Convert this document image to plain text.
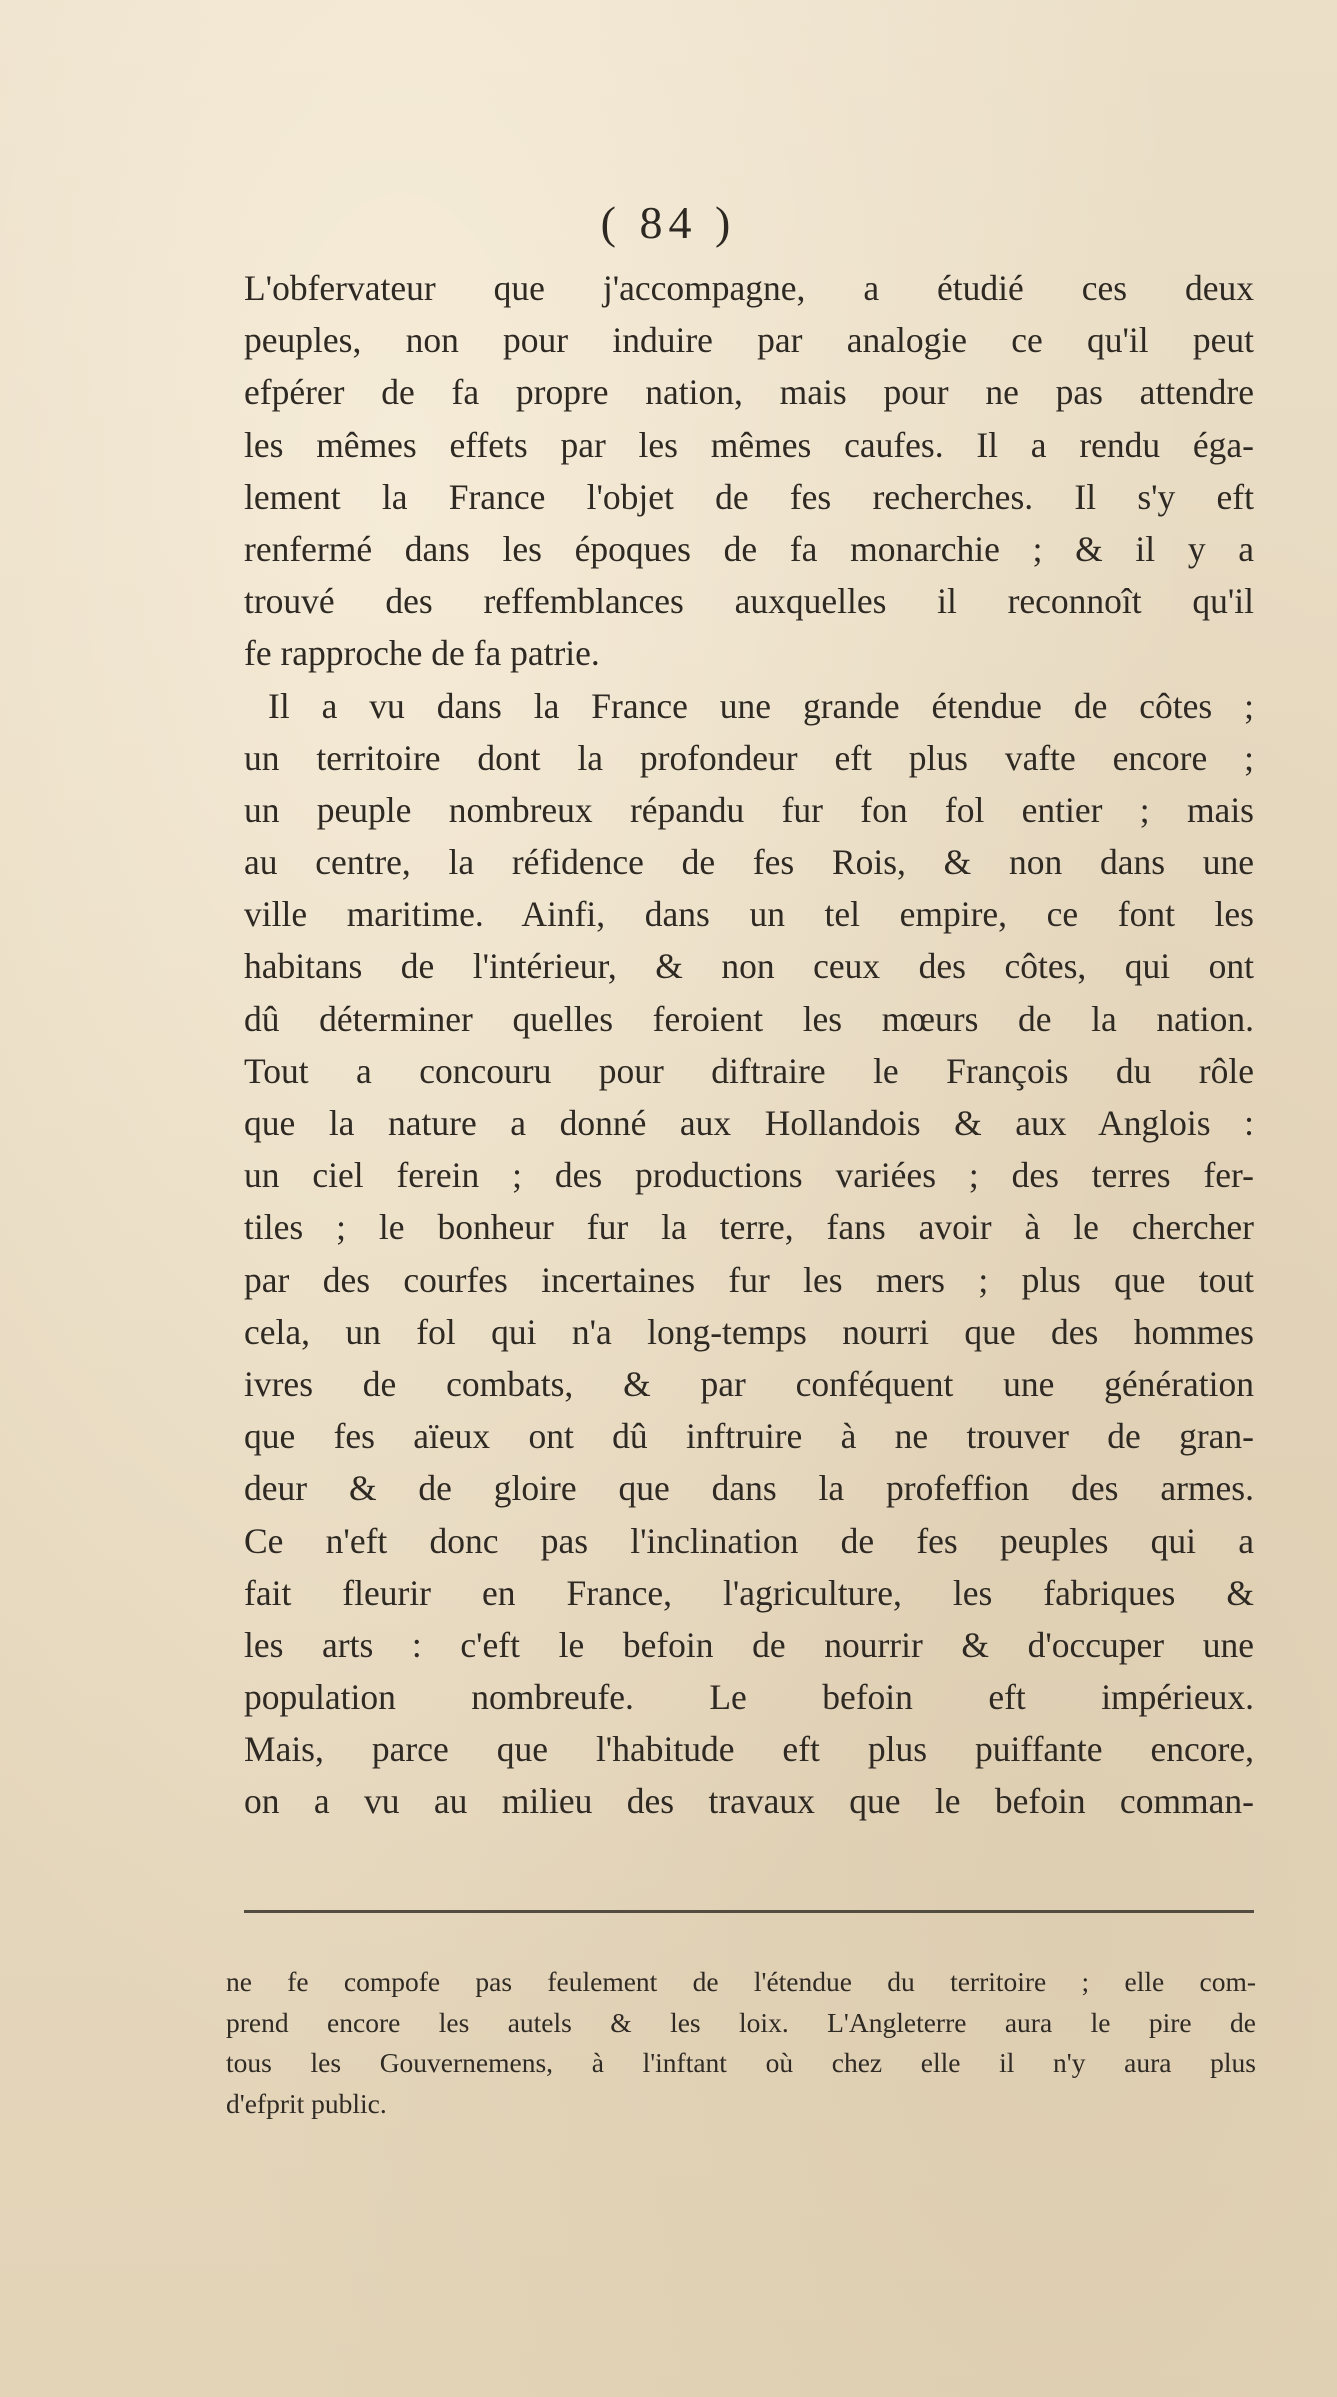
( 84 )
L'obfervateur que j'accompagne, a étudié ces deux
peuples, non pour induire par analogie ce qu'il peut
efpérer de fa propre nation, mais pour ne pas attendre
les mêmes effets par les mêmes caufes. Il a rendu éga-
lement la France l'objet de fes recherches. Il s'y eft
renfermé dans les époques de fa monarchie ; & il y a
trouvé des reffemblances auxquelles il reconnoît qu'il
fe rapproche de fa patrie.
Il a vu dans la France une grande étendue de côtes ;
un territoire dont la profondeur eft plus vafte encore ;
un peuple nombreux répandu fur fon fol entier ; mais
au centre, la réfidence de fes Rois, & non dans une
ville maritime. Ainfi, dans un tel empire, ce font les
habitans de l'intérieur, & non ceux des côtes, qui ont
dû déterminer quelles feroient les mœurs de la nation.
Tout a concouru pour diftraire le François du rôle
que la nature a donné aux Hollandois & aux Anglois :
un ciel ferein ; des productions variées ; des terres fer-
tiles ; le bonheur fur la terre, fans avoir à le chercher
par des courfes incertaines fur les mers ; plus que tout
cela, un fol qui n'a long-temps nourri que des hommes
ivres de combats, & par conféquent une génération
que fes aïeux ont dû inftruire à ne trouver de gran-
deur & de gloire que dans la profeffion des armes.
Ce n'eft donc pas l'inclination de fes peuples qui a
fait fleurir en France, l'agriculture, les fabriques &
les arts : c'eft le befoin de nourrir & d'occuper une
population nombreufe. Le befoin eft impérieux.
Mais, parce que l'habitude eft plus puiffante encore,
on a vu au milieu des travaux que le befoin comman-
ne fe compofe pas feulement de l'étendue du territoire ; elle com-
prend encore les autels & les loix. L'Angleterre aura le pire de
tous les Gouvernemens, à l'inftant où chez elle il n'y aura plus
d'efprit public.
